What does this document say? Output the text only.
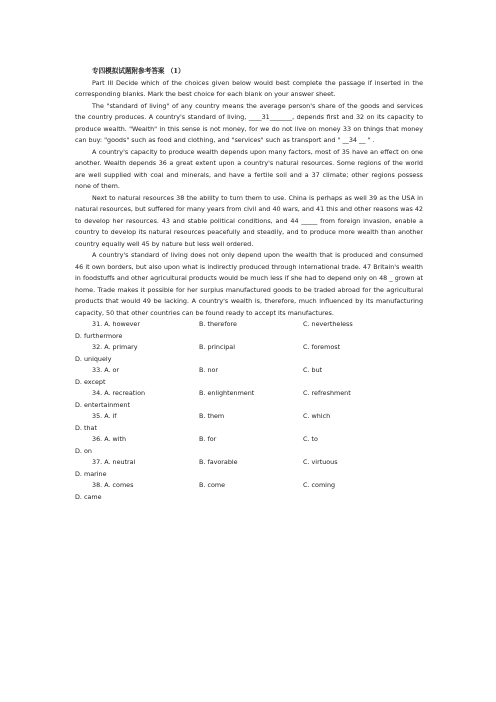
专四模拟试题附参考答案 （1）

Part III Decide which of the choices given below would best complete the passage if inserted in the corresponding blanks. Mark the best choice for each blank on your answer sheet.

The "standard of living" of any country means the average person's share of the goods and services the country produces. A country's standard of living, ____31_______, depends first and 32 on its capacity to produce wealth. "Wealth" in this sense is not money, for we do not live on money 33 on things that money can buy: "goods" such as food and clothing, and "services" such as transport and " __34 __ " .

A country's capacity to produce wealth depends upon many factors, most of 35 have an effect on one another. Wealth depends 36 a great extent upon a country's natural resources. Some regions of the world are well supplied with coal and minerals, and have a fertile soil and a 37 climate; other regions possess none of them.

Next to natural resources 38 the ability to turn them to use. China is perhaps as well 39 as the USA in natural resources, but suffered for many years from civil and 40 wars, and 41 this and other reasons was 42 to develop her resources. 43 and stable political conditions, and 44 _____ from foreign invasion, enable a country to develop its natural resources peacefully and steadily, and to produce more wealth than another country equally well 45 by nature but less well ordered.

A country's standard of living does not only depend upon the wealth that is produced and consumed 46 it own borders, but also upon what is indirectly produced through international trade. 47 Britain's wealth in foodstuffs and other agricultural products would be much less if she had to depend only on 48 _ grown at home. Trade makes it possible for her surplus manufactured goods to be traded abroad for the agricultural products that would 49 be lacking. A country's wealth is, therefore, much influenced by its manufacturing capacity, 50 that other countries can be found ready to accept its manufactures.

31. A. however	B. therefore	C. nevertheless
D. furthermore
32. A. primary	B. principal	C. foremost
D. uniquely
33. A. or	B. nor	C. but
D. except
34. A. recreation	B. enlightenment	C. refreshment
D. entertainment
35. A. if	B. them	C. which
D. that
36. A. with	B. for	C. to
D. on
37. A. neutral	B. favorable	C. virtuous
D. marine
38. A. comes	B. come	C. coming
D. came
